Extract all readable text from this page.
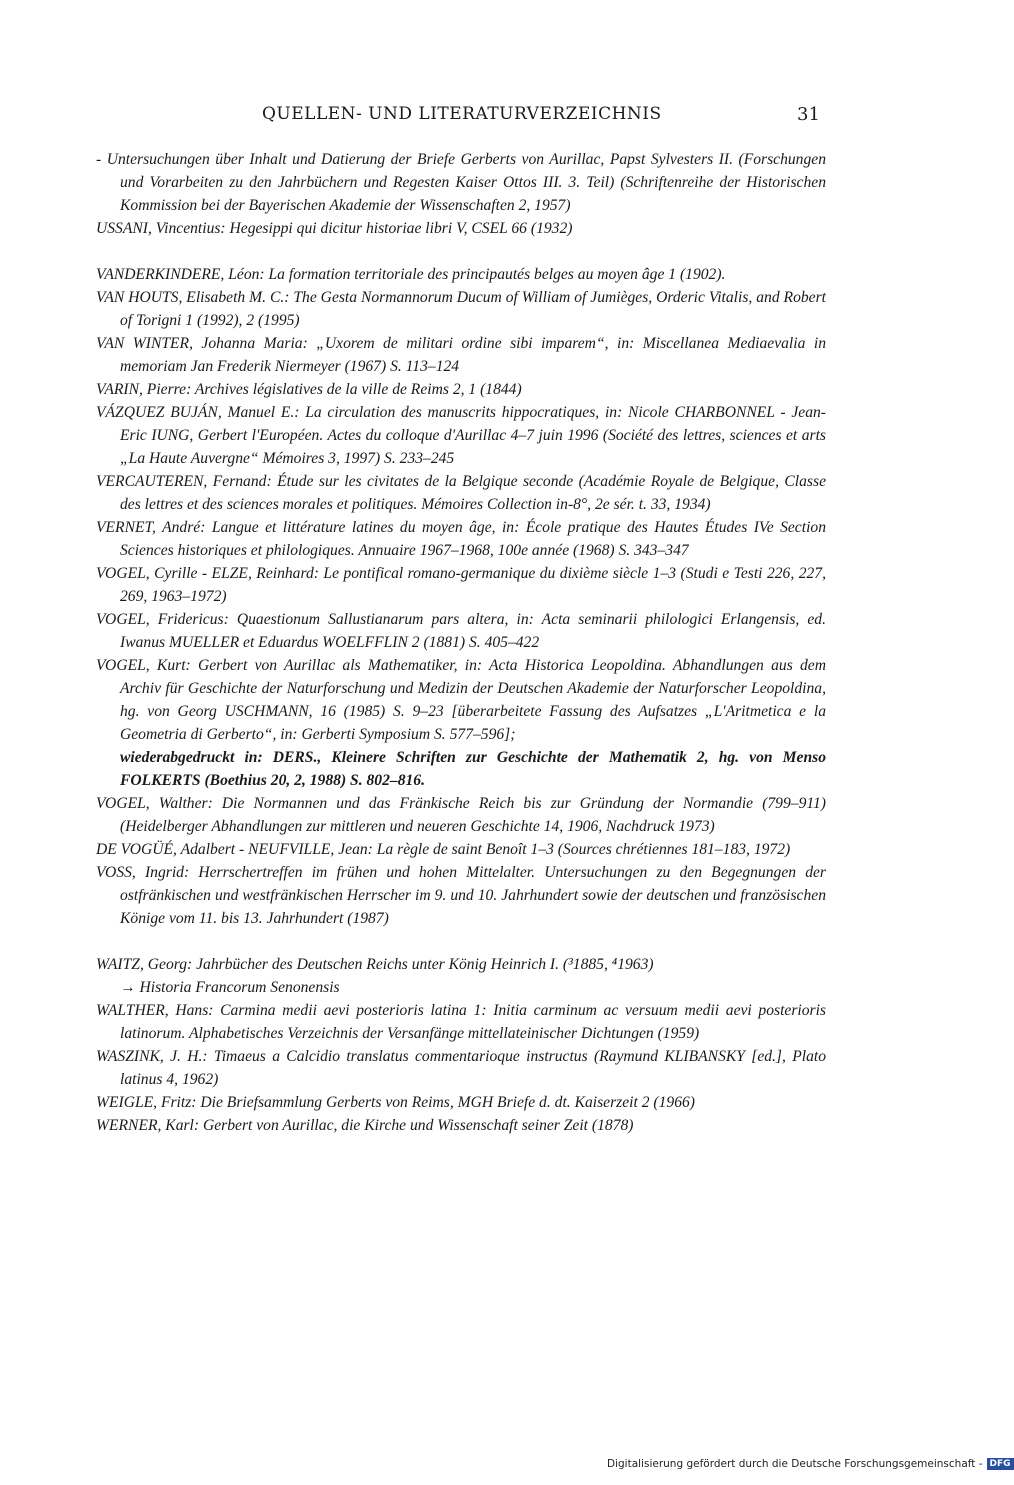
QUELLEN- UND LITERATURVERZEICHNIS	31

- Untersuchungen über Inhalt und Datierung der Briefe Gerberts von Aurillac, Papst Sylvesters II. (Forschungen und Vorarbeiten zu den Jahrbüchern und Regesten Kaiser Ottos III. 3. Teil) (Schriftenreihe der Historischen Kommission bei der Bayerischen Akademie der Wissenschaften 2, 1957)

USSANI, Vincentius: Hegesippi qui dicitur historiae libri V, CSEL 66 (1932)

VANDERKINDERE, Léon: La formation territoriale des principautés belges au moyen âge 1 (1902).

VAN HOUTS, Elisabeth M. C.: The Gesta Normannorum Ducum of William of Jumièges, Orderic Vitalis, and Robert of Torigni 1 (1992), 2 (1995)

VAN WINTER, Johanna Maria: „Uxorem de militari ordine sibi imparem“, in: Miscellanea Mediaevalia in memoriam Jan Frederik Niermeyer (1967) S. 113–124

VARIN, Pierre: Archives législatives de la ville de Reims 2, 1 (1844)

VÁZQUEZ BUJÁN, Manuel E.: La circulation des manuscrits hippocratiques, in: Nicole CHARBONNEL - Jean-Eric IUNG, Gerbert l'Européen. Actes du colloque d'Aurillac 4–7 juin 1996 (Société des lettres, sciences et arts „La Haute Auvergne“ Mémoires 3, 1997) S. 233–245

VERCAUTEREN, Fernand: Étude sur les civitates de la Belgique seconde (Académie Royale de Belgique, Classe des lettres et des sciences morales et politiques. Mémoires Collection in-8°, 2e sér. t. 33, 1934)

VERNET, André: Langue et littérature latines du moyen âge, in: École pratique des Hautes Études IVe Section Sciences historiques et philologiques. Annuaire 1967–1968, 100e année (1968) S. 343–347

VOGEL, Cyrille - ELZE, Reinhard: Le pontifical romano-germanique du dixième siècle 1–3 (Studi e Testi 226, 227, 269, 1963–1972)

VOGEL, Fridericus: Quaestionum Sallustianarum pars altera, in: Acta seminarii philologici Erlangensis, ed. Iwanus MUELLER et Eduardus WOELFFLIN 2 (1881) S. 405–422

VOGEL, Kurt: Gerbert von Aurillac als Mathematiker, in: Acta Historica Leopoldina. Abhandlungen aus dem Archiv für Geschichte der Naturforschung und Medizin der Deutschen Akademie der Naturforscher Leopoldina, hg. von Georg USCHMANN, 16 (1985) S. 9–23 [überarbeitete Fassung des Aufsatzes „L'Aritmetica e la Geometria di Gerberto“, in: Gerberti Symposium S. 577–596];

wiederabgedruckt in: DERS., Kleinere Schriften zur Geschichte der Mathematik 2, hg. von Menso FOLKERTS (Boethius 20, 2, 1988) S. 802–816.

VOGEL, Walther: Die Normannen und das Fränkische Reich bis zur Gründung der Normandie (799–911) (Heidelberger Abhandlungen zur mittleren und neueren Geschichte 14, 1906, Nachdruck 1973)

DE VOGÜÉ, Adalbert - NEUFVILLE, Jean: La règle de saint Benoît 1–3 (Sources chrétiennes 181–183, 1972)

VOSS, Ingrid: Herrschertreffen im frühen und hohen Mittelalter. Untersuchungen zu den Begegnungen der ostfränkischen und westfränkischen Herrscher im 9. und 10. Jahrhundert sowie der deutschen und französischen Könige vom 11. bis 13. Jahrhundert (1987)

WAITZ, Georg: Jahrbücher des Deutschen Reichs unter König Heinrich I. (³1885, ⁴1963)

→ Historia Francorum Senonensis

WALTHER, Hans: Carmina medii aevi posterioris latina 1: Initia carminum ac versuum medii aevi posterioris latinorum. Alphabetisches Verzeichnis der Versanfänge mittellateinischer Dichtungen (1959)

WASZINK, J. H.: Timaeus a Calcidio translatus commentarioque instructus (Raymund KLIBANSKY [ed.], Plato latinus 4, 1962)

WEIGLE, Fritz: Die Briefsammlung Gerberts von Reims, MGH Briefe d. dt. Kaiserzeit 2 (1966)

WERNER, Karl: Gerbert von Aurillac, die Kirche und Wissenschaft seiner Zeit (1878)

Digitalisierung gefördert durch die Deutsche Forschungsgemeinschaft - DFG
